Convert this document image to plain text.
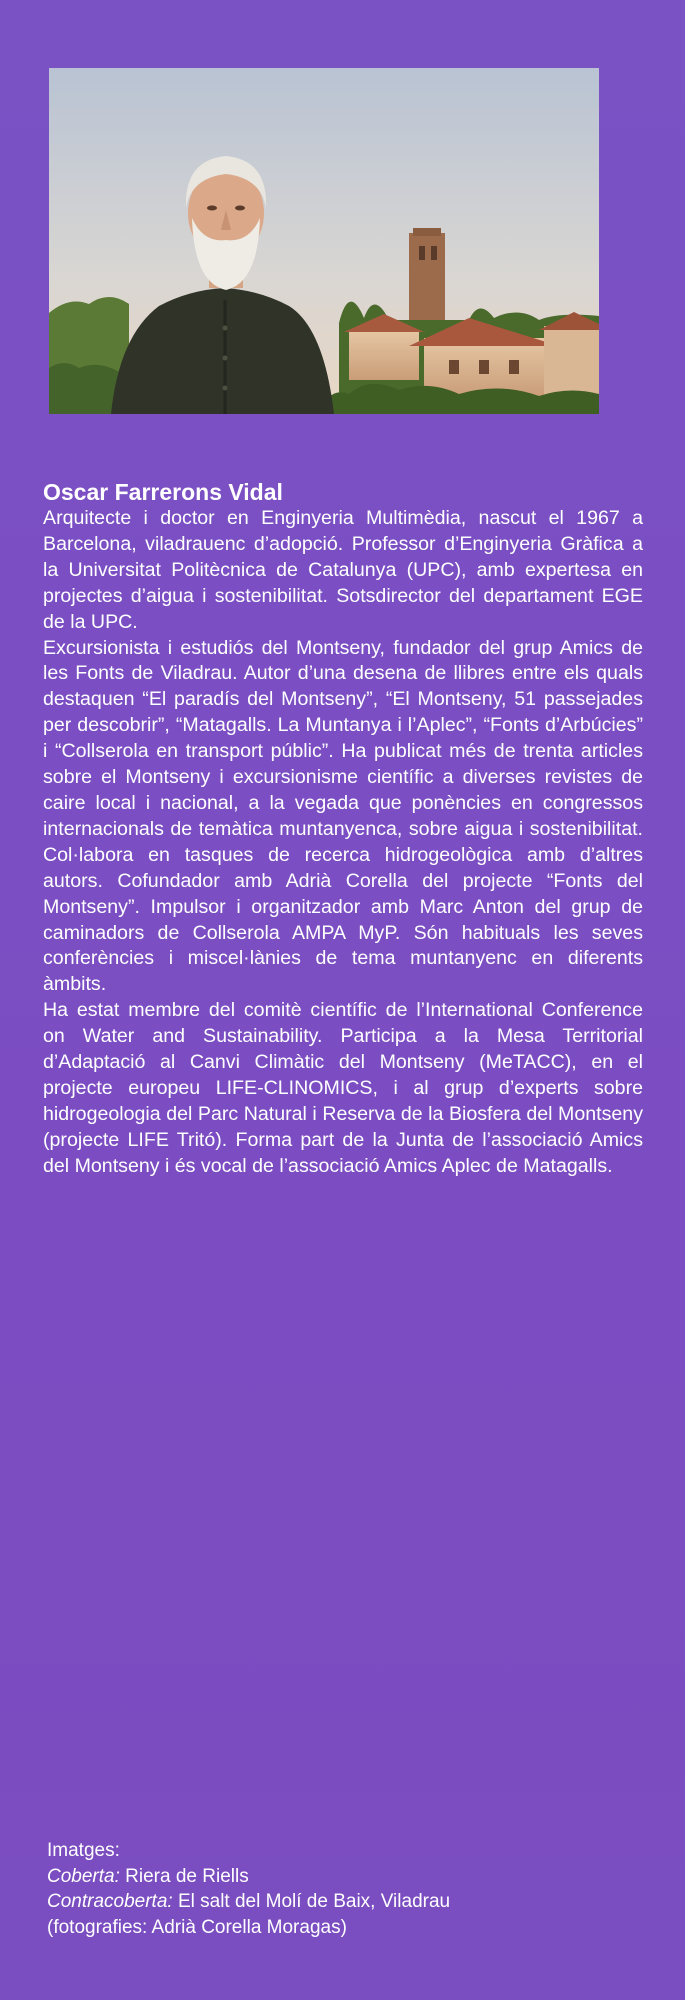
Oscar Farrerons Vidal

Arquitecte i doctor en Enginyeria Multimèdia, nascut el 1967 a Barcelona, viladrauenc d’adopció. Professor d’Enginyeria Gràfica a la Universitat Politècnica de Catalunya (UPC), amb expertesa en projectes d’aigua i sostenibilitat. Sotsdirector del departament EGE de la UPC.

Excursionista i estudiós del Montseny, fundador del grup Amics de les Fonts de Viladrau. Autor d’una desena de llibres entre els quals destaquen “El paradís del Montseny”, “El Montseny, 51 passejades per descobrir”, “Matagalls. La Muntanya i l’Aplec”, “Fonts d’Arbúcies” i “Collserola en transport públic”. Ha publicat més de trenta articles sobre el Montseny i excursionisme científic a diverses revistes de caire local i nacional, a la vegada que ponències en congressos internacionals de temàtica muntanyenca, sobre aigua i sostenibilitat. Col·labora en tasques de recerca hidrogeològica amb d’altres autors. Cofundador amb Adrià Corella del projecte “Fonts del Montseny”. Impulsor i organitzador amb Marc Anton del grup de caminadors de Collserola AMPA MyP. Són habituals les seves conferències i miscel·lànies de tema muntanyenc en diferents àmbits.

Ha estat membre del comitè científic de l’International Conference on Water and Sustainability. Participa a la Mesa Territorial d’Adaptació al Canvi Climàtic del Montseny (MeTACC), en el projecte europeu LIFE-CLINOMICS, i al grup d’experts sobre hidrogeologia del Parc Natural i Reserva de la Biosfera del Montseny (projecte LIFE Tritó). Forma part de la Junta de l’associació Amics del Montseny i és vocal de l’associació Amics Aplec de Matagalls.

Imatges:
Coberta: Riera de Riells
Contracoberta: El salt del Molí de Baix, Viladrau
(fotografies: Adrià Corella Moragas)
